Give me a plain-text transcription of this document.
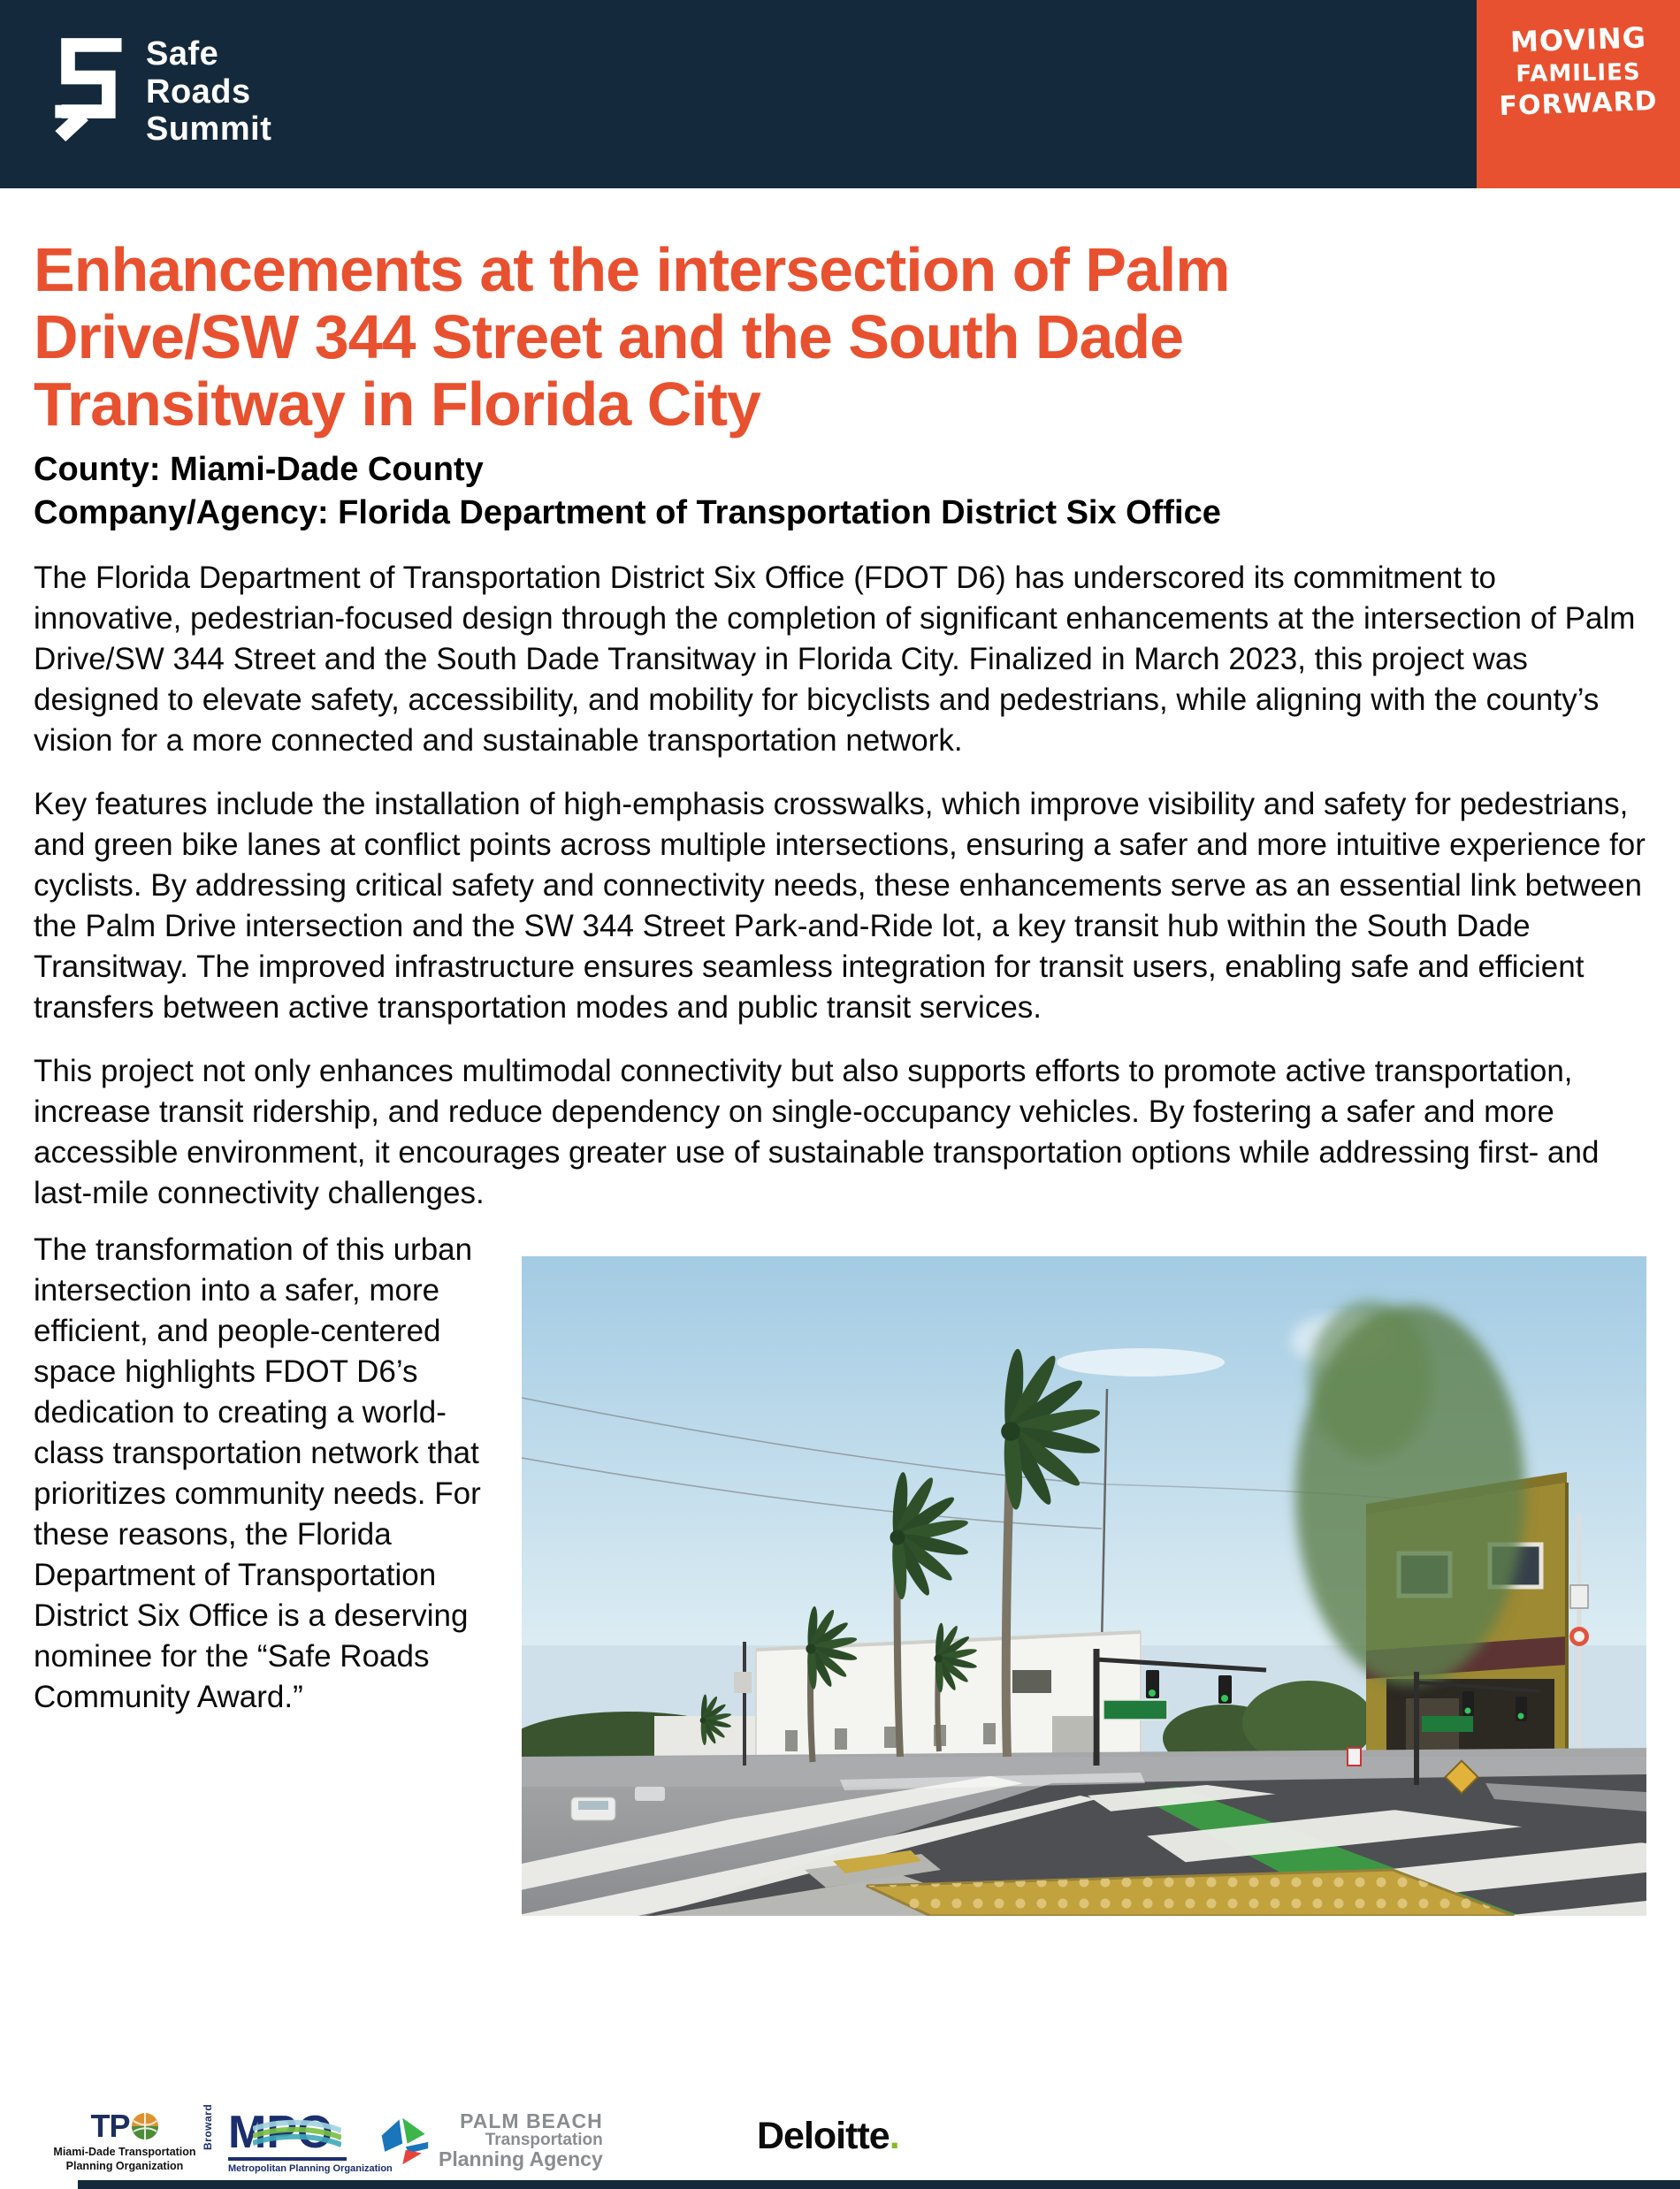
Safe
Roads
Summit
MOVING
FAMILIES
FORWARD
Enhancements at the intersection of Palm
Drive/SW 344 Street and the South Dade
Transitway in Florida City
County: Miami-Dade County
Company/Agency: Florida Department of Transportation District Six Office

The Florida Department of Transportation District Six Office (FDOT D6) has underscored its commitment to innovative, pedestrian-focused design through the completion of significant enhancements at the intersection of Palm Drive/SW 344 Street and the South Dade Transitway in Florida City. Finalized in March 2023, this project was designed to elevate safety, accessibility, and mobility for bicyclists and pedestrians, while aligning with the county’s vision for a more connected and sustainable transportation network.

Key features include the installation of high-emphasis crosswalks, which improve visibility and safety for pedestrians, and green bike lanes at conflict points across multiple intersections, ensuring a safer and more intuitive experience for cyclists. By addressing critical safety and connectivity needs, these enhancements serve as an essential link between the Palm Drive intersection and the SW 344 Street Park-and-Ride lot, a key transit hub within the South Dade Transitway. The improved infrastructure ensures seamless integration for transit users, enabling safe and efficient transfers between active transportation modes and public transit services.

This project not only enhances multimodal connectivity but also supports efforts to promote active transportation, increase transit ridership, and reduce dependency on single-occupancy vehicles. By fostering a safer and more accessible environment, it encourages greater use of sustainable transportation options while addressing first- and last-mile connectivity challenges.

The transformation of this urban intersection into a safer, more efficient, and people-centered space highlights FDOT D6’s dedication to creating a world-class transportation network that prioritizes community needs. For these reasons, the Florida Department of Transportation District Six Office is a deserving nominee for the “Safe Roads Community Award.”

TP
Miami-Dade Transportation
Planning Organization
Broward MPO
Metropolitan Planning Organization
PALM BEACH
Transportation
Planning Agency
Deloitte.
